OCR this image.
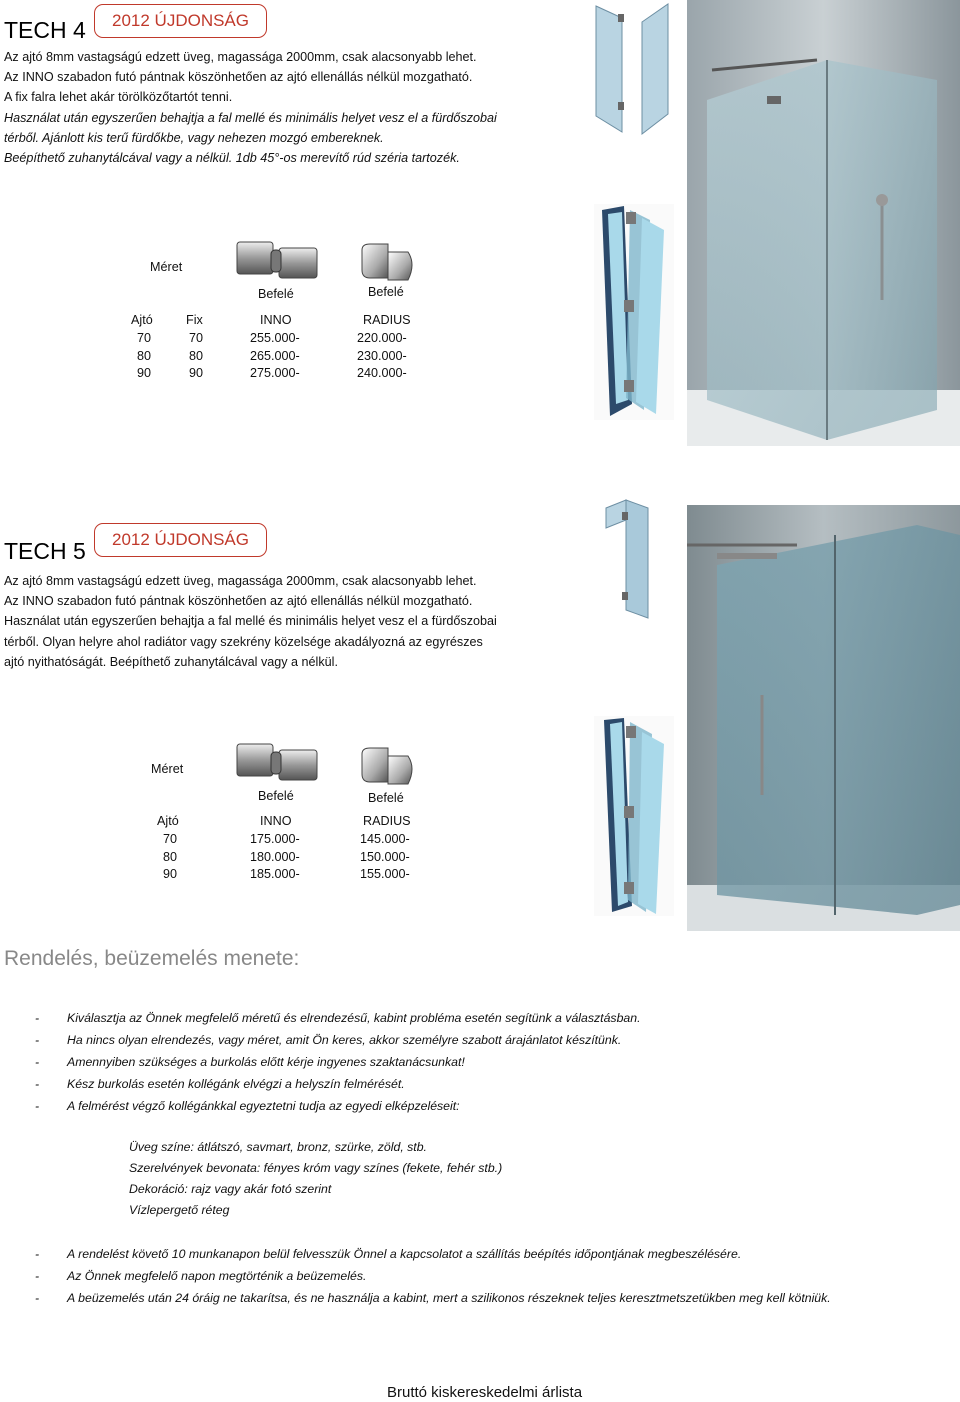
TECH 4	2012 ÚJDONSÁG
Az ajtó 8mm vastagságú edzett üveg, magassága 2000mm, csak alacsonyabb lehet.
Az INNO szabadon futó pántnak köszönhetően az ajtó ellenállás nélkül mozgatható.
A fix falra lehet akár törölközőtartót tenni.
Használat után egyszerűen behajtja a fal mellé és minimális helyet vesz el a fürdőszobai
térből. Ajánlott kis terű fürdőkbe, vagy nehezen mozgó embereknek.
Beépíthető zuhanytálcával vagy a nélkül. 1db 45°-os merevítő rúd széria tartozék.
Méret
Befelé	Befelé
Ajtó	Fix	INNO	RADIUS
70	70	255.000-	220.000-
80	80	265.000-	230.000-
90	90	275.000-	240.000-
TECH 5	2012 ÚJDONSÁG
Az ajtó 8mm vastagságú edzett üveg, magassága 2000mm, csak alacsonyabb lehet.
Az INNO szabadon futó pántnak köszönhetően az ajtó ellenállás nélkül mozgatható.
Használat után egyszerűen behajtja a fal mellé és minimális helyet vesz el a fürdőszobai
térből. Olyan helyre ahol radiátor vagy szekrény közelsége akadályozná az egyrészes
ajtó nyithatóságát. Beépíthető zuhanytálcával vagy a nélkül.
Méret
Befelé	Befelé
Ajtó	INNO	RADIUS
70	175.000-	145.000-
80	180.000-	150.000-
90	185.000-	155.000-
Rendelés, beüzemelés menete:
- Kiválasztja az Önnek megfelelő méretű és elrendezésű, kabint probléma esetén segítünk a választásban.
- Ha nincs olyan elrendezés, vagy méret, amit Ön keres, akkor személyre szabott árajánlatot készítünk.
- Amennyiben szükséges a burkolás előtt kérje ingyenes szaktanácsunkat!
- Kész burkolás esetén kollégánk elvégzi a helyszín felmérését.
- A felmérést végző kollégánkkal egyeztetni tudja az egyedi elképzeléseit:
Üveg színe: átlátszó, savmart, bronz, szürke, zöld, stb.
Szerelvények bevonata: fényes króm vagy színes (fekete, fehér stb.)
Dekoráció: rajz vagy akár fotó szerint
Vízlepergető réteg
- A rendelést követő 10 munkanapon belül felvesszük Önnel a kapcsolatot a szállítás beépítés időpontjának megbeszélésére.
- Az Önnek megfelelő napon megtörténik a beüzemelés.
- A beüzemelés után 24 óráig ne takarítsa, és ne használja a kabint, mert a szilikonos részeknek teljes keresztmetszetükben meg kell kötniük.
Bruttó kiskereskedelmi árlista
